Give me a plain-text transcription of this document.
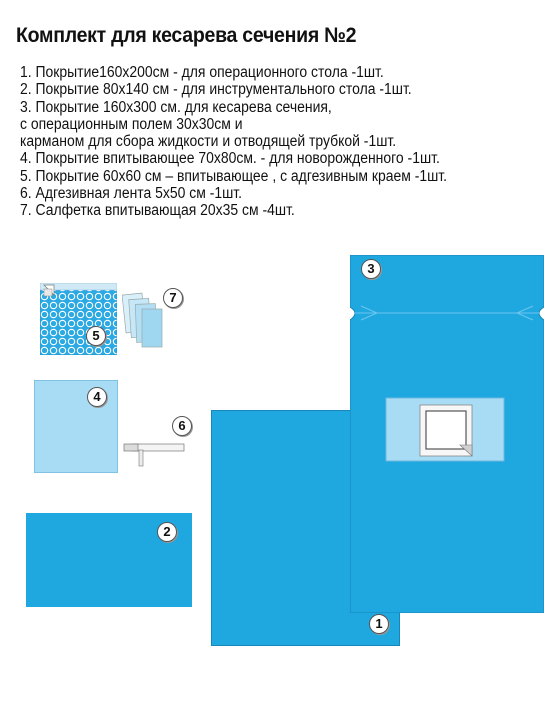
Комплект для кесарева сечения №2
1. Покрытие160х200см - для операционного стола -1шт.
2. Покрытие 80х140 см - для инструментального стола -1шт.
3. Покрытие 160х300 см. для кесарева сечения,
с операционным полем 30х30см и
карманом для сбора жидкости и отводящей трубкой -1шт.
4. Покрытие впитывающее 70х80см. - для новорожденного -1шт.
5. Покрытие 60х60 см – впитывающее , с адгезивным краем -1шт.
6. Адгезивная лента 5х50 см -1шт.
7. Салфетка впитывающая 20х35 см -4шт.
5
7
4
6
2
3
1
